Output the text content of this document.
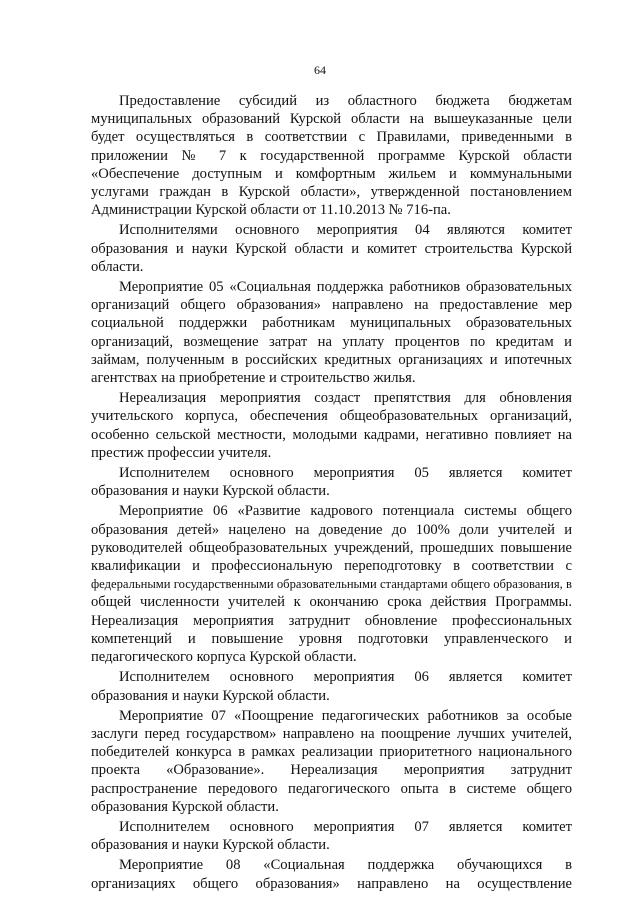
64
Предоставление субсидий из областного бюджета бюджетам
муниципальных образований Курской области на вышеуказанные цели
будет осуществляться в соответствии с Правилами, приведенными в
приложении № 7 к государственной программе Курской области
«Обеспечение доступным и комфортным жильем и коммунальными
услугами граждан в Курской области», утвержденной постановлением
Администрации Курской области от 11.10.2013 № 716-па.
Исполнителями основного мероприятия 04 являются комитет
образования и науки Курской области и комитет строительства Курской
области.
Мероприятие 05 «Социальная поддержка работников образовательных
организаций общего образования» направлено на предоставление мер
социальной поддержки работникам муниципальных образовательных
организаций, возмещение затрат на уплату процентов по кредитам и
займам, полученным в российских кредитных организациях и ипотечных
агентствах на приобретение и строительство жилья.
Нереализация мероприятия создаст препятствия для обновления
учительского корпуса, обеспечения общеобразовательных организаций,
особенно сельской местности, молодыми кадрами, негативно повлияет на
престиж профессии учителя.
Исполнителем основного мероприятия 05 является комитет
образования и науки Курской области.
Мероприятие 06 «Развитие кадрового потенциала системы общего
образования детей» нацелено на доведение до 100% доли учителей и
руководителей общеобразовательных учреждений, прошедших повышение
квалификации и профессиональную переподготовку в соответствии с
федеральными государственными образовательными стандартами общего образования, в
общей численности учителей к окончанию срока действия Программы.
Нереализация мероприятия затруднит обновление профессиональных
компетенций и повышение уровня подготовки управленческого и
педагогического корпуса Курской области.
Исполнителем основного мероприятия 06 является комитет
образования и науки Курской области.
Мероприятие 07 «Поощрение педагогических работников за особые
заслуги перед государством» направлено на поощрение лучших учителей,
победителей конкурса в рамках реализации приоритетного национального
проекта «Образование». Нереализация мероприятия затруднит
распространение передового педагогического опыта в системе общего
образования Курской области.
Исполнителем основного мероприятия 07 является комитет
образования и науки Курской области.
Мероприятие 08 «Социальная поддержка обучающихся в
организациях общего образования» направлено на осуществление
